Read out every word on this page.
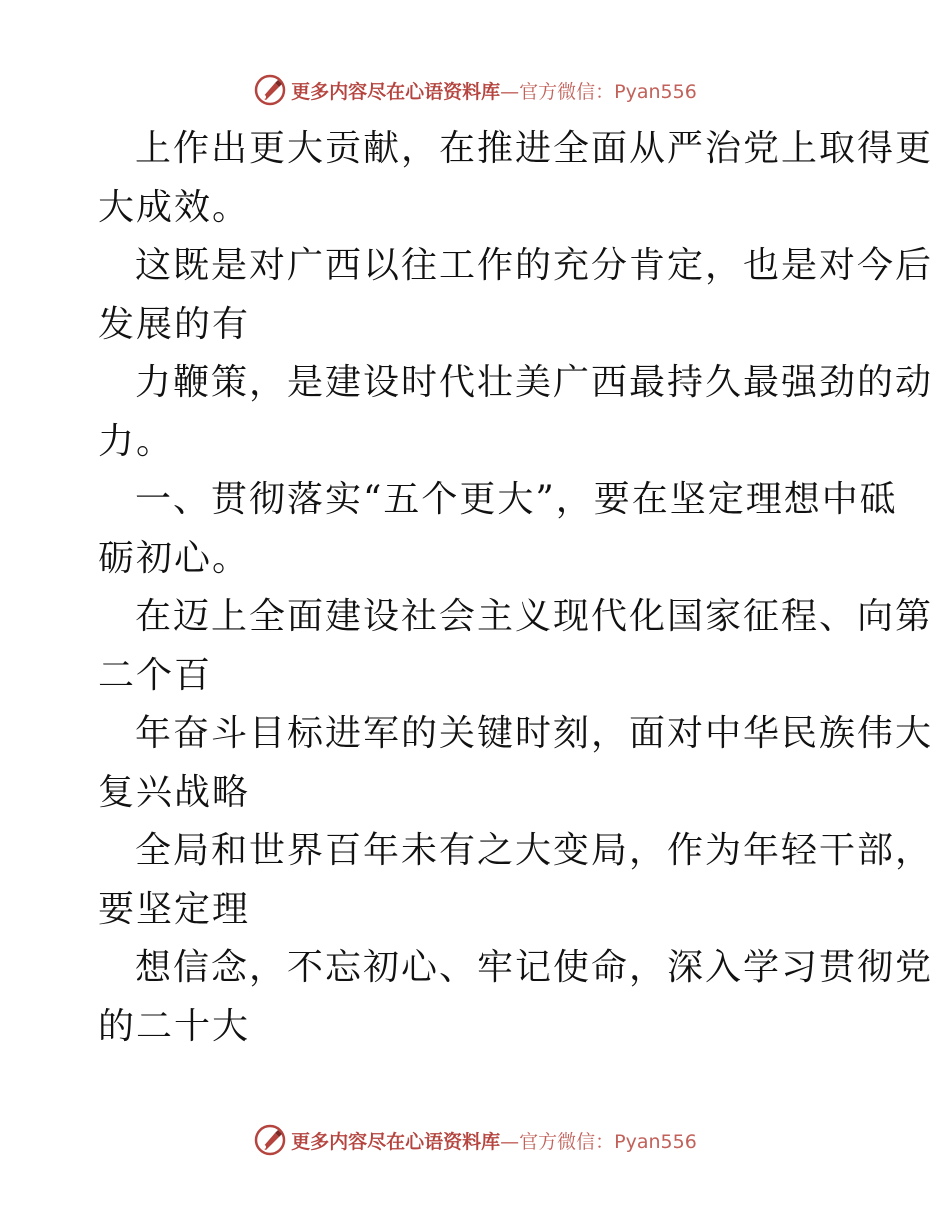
更多内容尽在心语资料库 —官方微信：Pyan556
上作出更大贡献，在推进全面从严治党上取得更
大成效。
这既是对广西以往工作的充分肯定，也是对今后
发展的有
力鞭策，是建设时代壮美广西最持久最强劲的动
力。
一、贯彻落实“五个更大”，要在坚定理想中砥
砺初心。
在迈上全面建设社会主义现代化国家征程、向第
二个百
年奋斗目标进军的关键时刻，面对中华民族伟大
复兴战略
全局和世界百年未有之大变局，作为年轻干部，
要坚定理
想信念，不忘初心、牢记使命，深入学习贯彻党
的二十大
更多内容尽在心语资料库 —官方微信：Pyan556
